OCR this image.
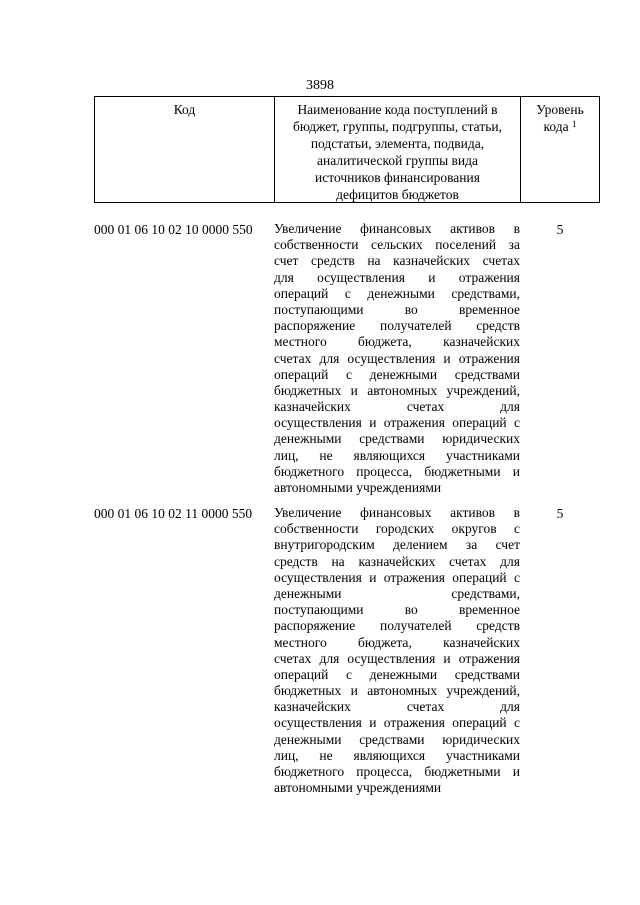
3898
Код	Наименование кода поступлений в бюджет, группы, подгруппы, статьи, подстатьи, элемента, подвида, аналитической группы вида источников финансирования дефицитов бюджетов
Уровень
кода $^1$
000 01 06 10 02 10 0000 550 Увеличение финансовых активов в
собственности сельских поселений за
счет средств на казначейских счетах
для осуществления и отражения
операций с денежными средствами,
поступающими во временное
распоряжение получателей средств
местного бюджета, казначейских
счетах для осуществления и отражения
операций с денежными средствами
бюджетных и автономных учреждений,
казначейских счетах для
осуществления и отражения операций с
денежными средствами юридических
лиц, не являющихся участниками
бюджетного процесса, бюджетными и
автономными учреждениями
5
000 01 06 10 02 11 0000 550 Увеличение финансовых активов в
собственности городских округов с
внутригородским делением за счет
средств на казначейских счетах для
осуществления и отражения операций с
денежными средствами,
поступающими во временное
распоряжение получателей средств
местного бюджета, казначейских
счетах для осуществления и отражения
операций с денежными средствами
бюджетных и автономных учреждений,
казначейских счетах для
осуществления и отражения операций с
денежными средствами юридических
лиц, не являющихся участниками
бюджетного процесса, бюджетными и
автономными учреждениями
5
